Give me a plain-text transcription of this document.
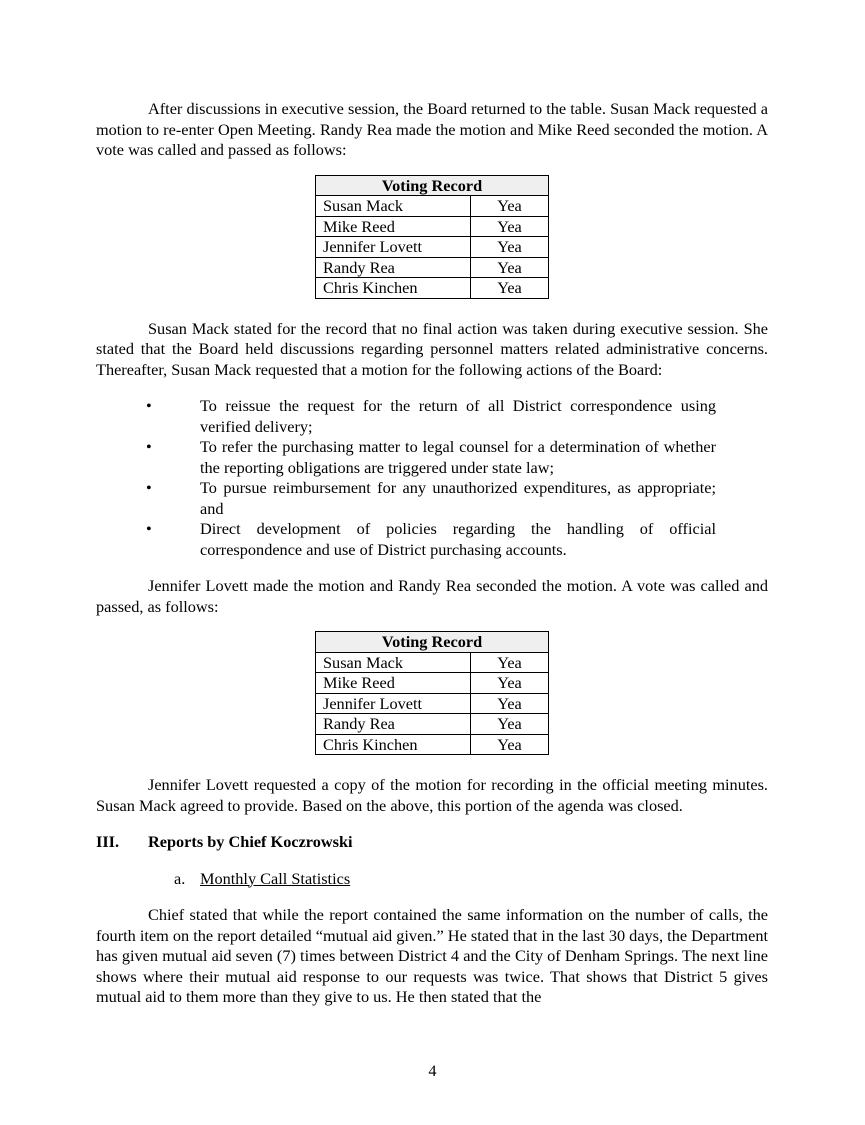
After discussions in executive session, the Board returned to the table. Susan Mack requested a motion to re-enter Open Meeting. Randy Rea made the motion and Mike Reed seconded the motion. A vote was called and passed as follows:

Voting Record	
Susan Mack	Yea
Mike Reed	Yea
Jennifer Lovett	Yea
Randy Rea	Yea
Chris Kinchen	Yea

Susan Mack stated for the record that no final action was taken during executive session. She stated that the Board held discussions regarding personnel matters related administrative concerns. Thereafter, Susan Mack requested that a motion for the following actions of the Board:

•	To reissue the request for the return of all District correspondence using verified delivery;
•	To refer the purchasing matter to legal counsel for a determination of whether the reporting obligations are triggered under state law;
•	To pursue reimbursement for any unauthorized expenditures, as appropriate; and
•	Direct development of policies regarding the handling of official correspondence and use of District purchasing accounts.

Jennifer Lovett made the motion and Randy Rea seconded the motion. A vote was called and passed, as follows:

Voting Record	
Susan Mack	Yea
Mike Reed	Yea
Jennifer Lovett	Yea
Randy Rea	Yea
Chris Kinchen	Yea

Jennifer Lovett requested a copy of the motion for recording in the official meeting minutes. Susan Mack agreed to provide. Based on the above, this portion of the agenda was closed.

III. Reports by Chief Koczrowski
a. Monthly Call Statistics

Chief stated that while the report contained the same information on the number of calls, the fourth item on the report detailed “mutual aid given.” He stated that in the last 30 days, the Department has given mutual aid seven (7) times between District 4 and the City of Denham Springs. The next line shows where their mutual aid response to our requests was twice. That shows that District 5 gives mutual aid to them more than they give to us. He then stated that the

4
